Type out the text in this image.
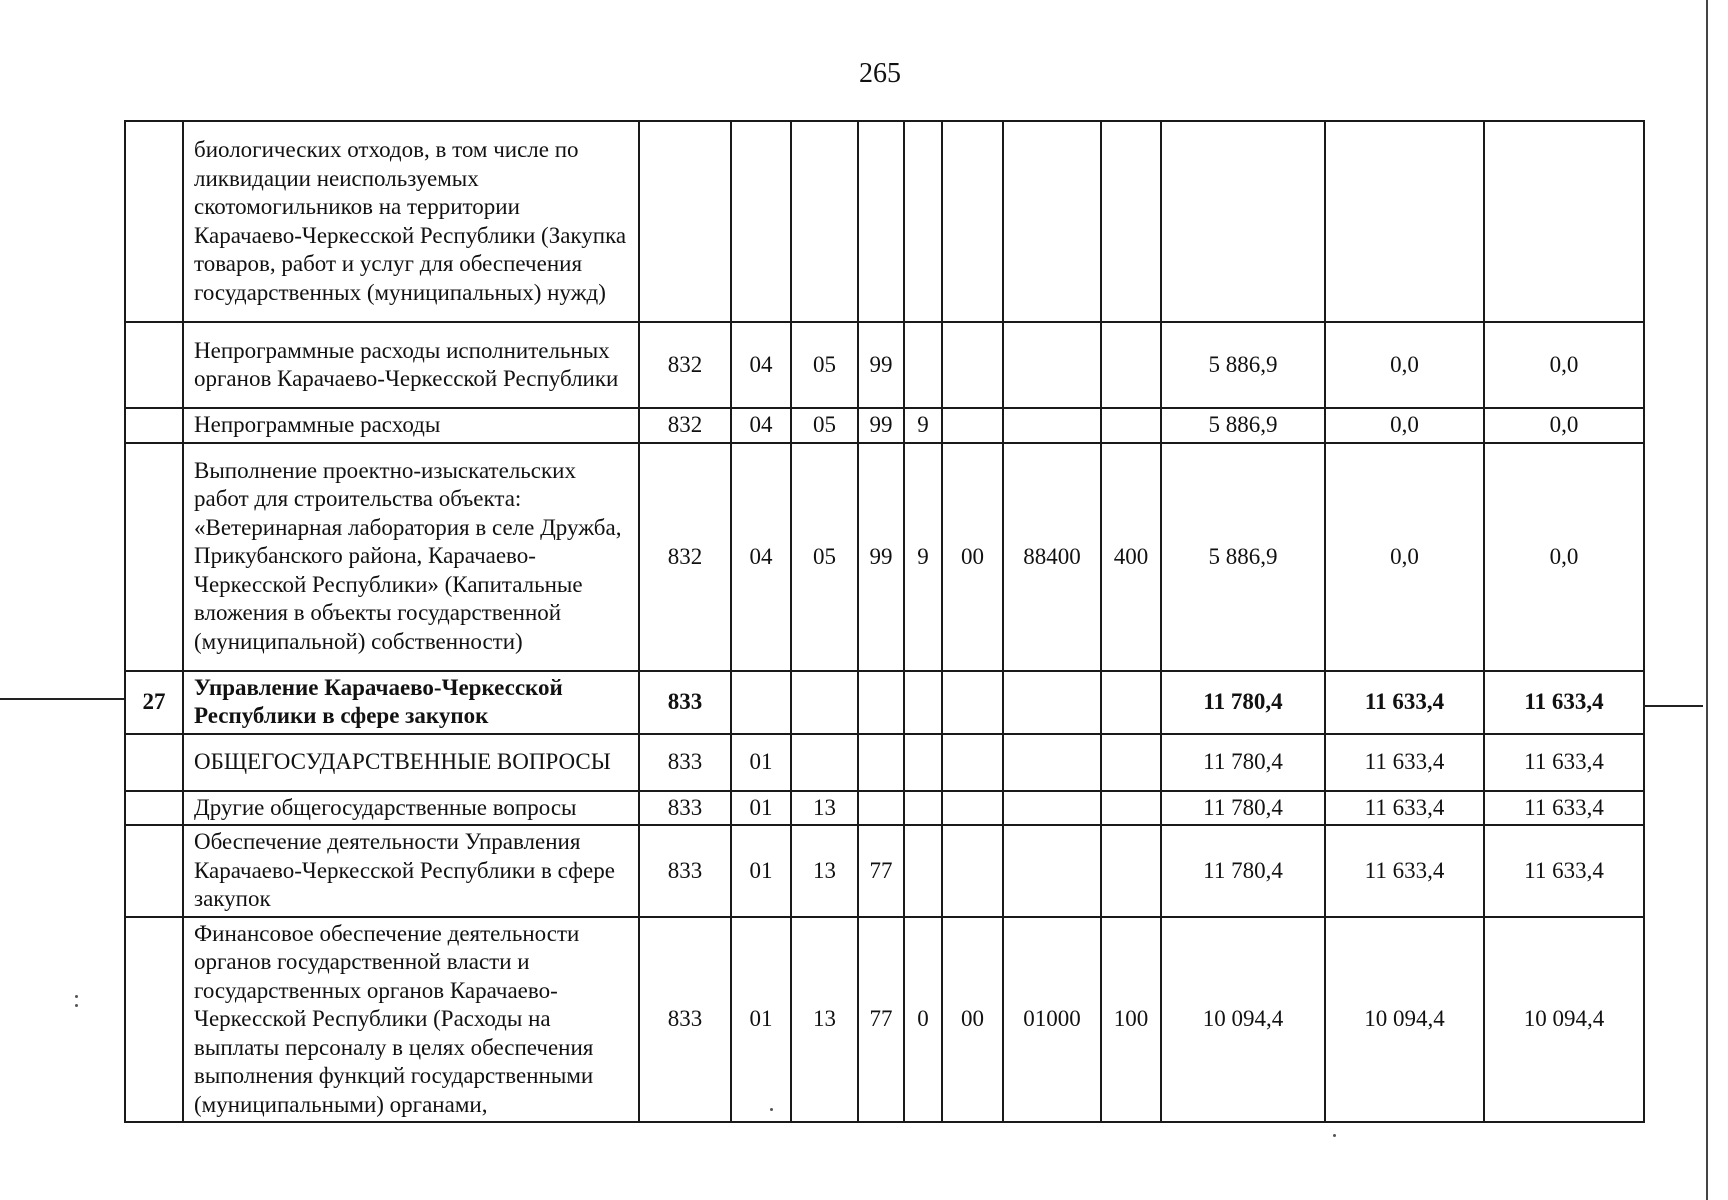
265
	биологических отходов, в том числе по ликвидации неиспользуемых скотомогильников на территории Карачаево-Черкесской Республики (Закупка товаров, работ и услуг для обеспечения государственных (муниципальных) нужд)											
	Непрограммные расходы исполнительных органов Карачаево-Черкесской Республики	832	04	05	99					5 886,9	0,0	0,0
	Непрограммные расходы	832	04	05	99	9				5 886,9	0,0	0,0
	Выполнение проектно-изыскательских работ для строительства объекта: «Ветеринарная лаборатория в селе Дружба, Прикубанского района, Карачаево-Черкесской Республики» (Капитальные вложения в объекты государственной (муниципальной) собственности)	832	04	05	99	9	00	88400	400	5 886,9	0,0	0,0
27	Управление Карачаево-Черкесской Республики в сфере закупок	833								11 780,4	11 633,4	11 633,4
	ОБЩЕГОСУДАРСТВЕННЫЕ ВОПРОСЫ	833	01							11 780,4	11 633,4	11 633,4
	Другие общегосударственные вопросы	833	01	13						11 780,4	11 633,4	11 633,4
	Обеспечение деятельности Управления Карачаево-Черкесской Республики в сфере закупок	833	01	13	77					11 780,4	11 633,4	11 633,4
	Финансовое обеспечение деятельности органов государственной власти и государственных органов Карачаево-Черкесской Республики (Расходы на выплаты персоналу в целях обеспечения выполнения функций государственными (муниципальными) органами,	833	01	13	77	0	00	01000	100	10 094,4	10 094,4	10 094,4
